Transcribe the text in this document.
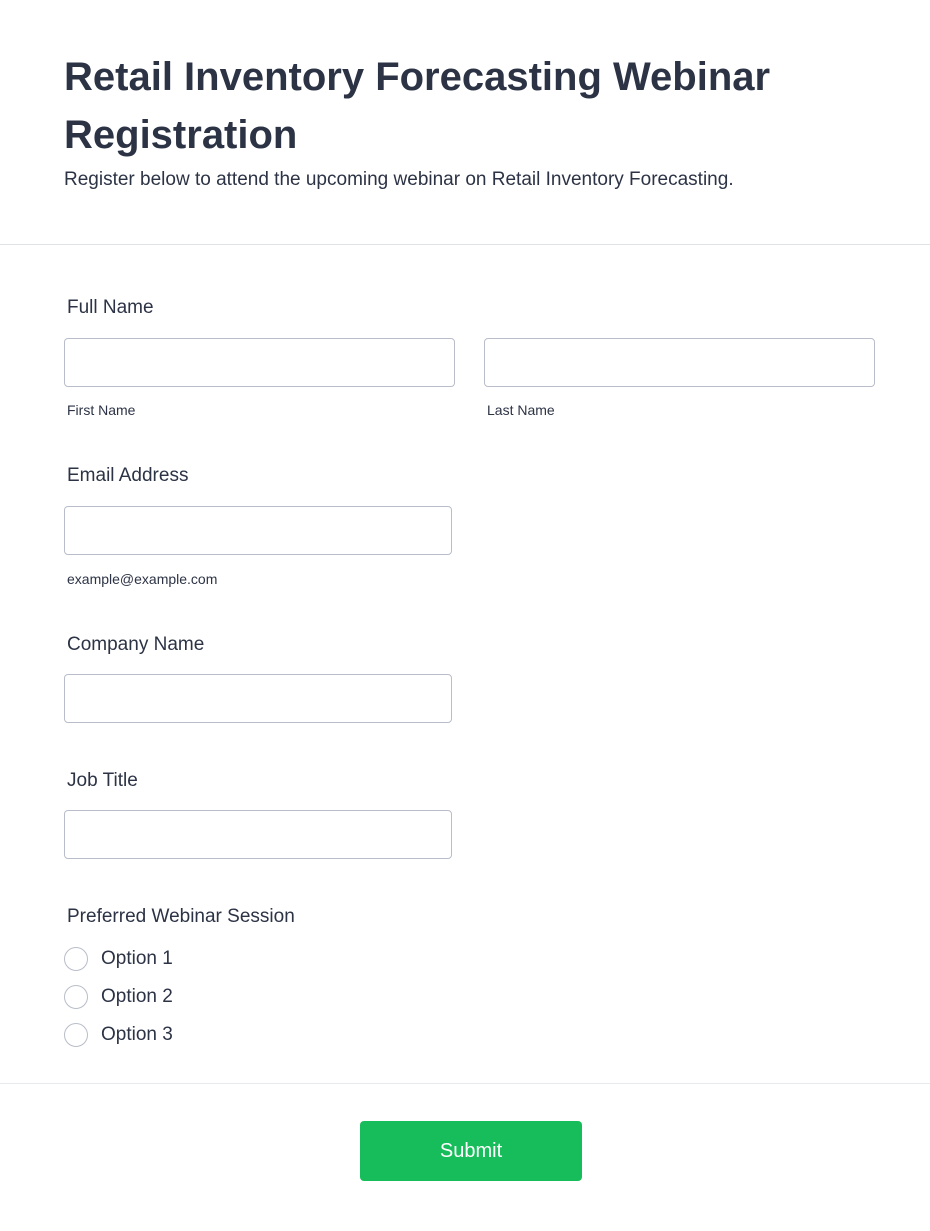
Retail Inventory Forecasting Webinar Registration
Register below to attend the upcoming webinar on Retail Inventory Forecasting.
Full Name
First Name	Last Name
Email Address
example@example.com
Company Name
Job Title
Preferred Webinar Session
Option 1
Option 2
Option 3
Submit
